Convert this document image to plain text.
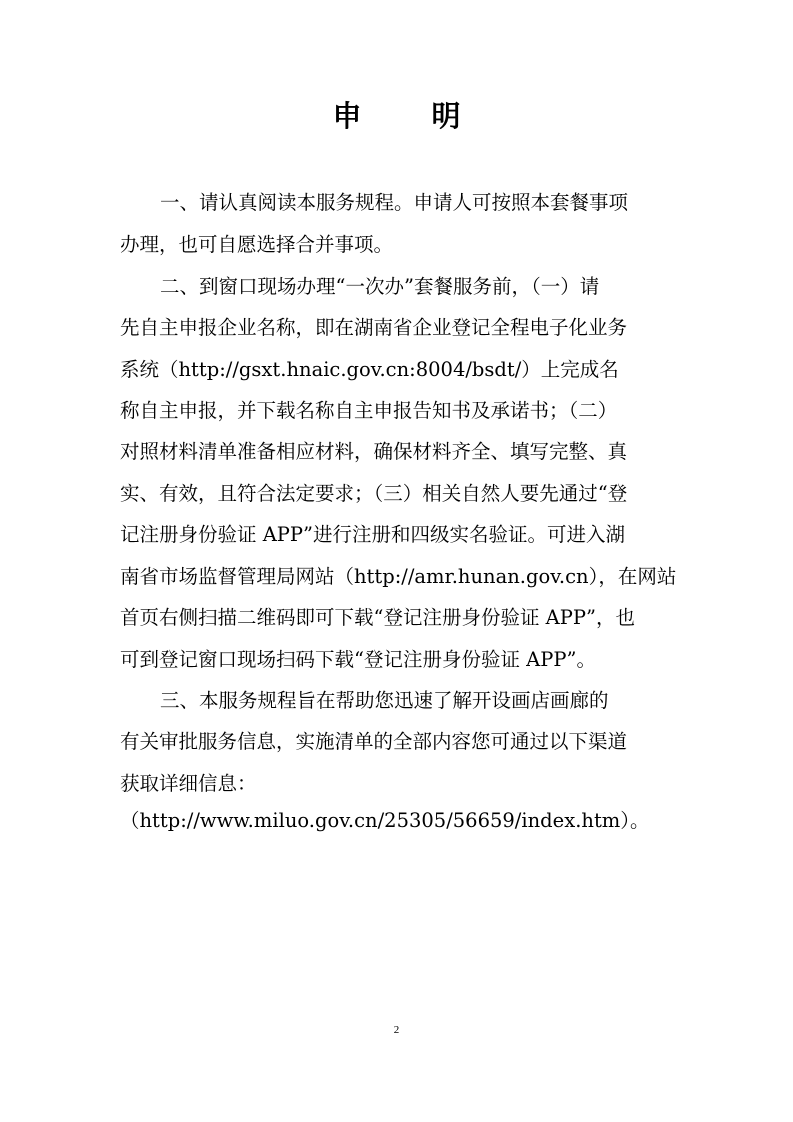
申 明
一、请认真阅读本服务规程。申请人可按照本套餐事项
办理，也可自愿选择合并事项。
二、到窗口现场办理“一次办”套餐服务前，（一）请
先自主申报企业名称，即在湖南省企业登记全程电子化业务
系统（http://gsxt.hnaic.gov.cn:8004/bsdt/）上完成名
称自主申报，并下载名称自主申报告知书及承诺书；（二）
对照材料清单准备相应材料，确保材料齐全、填写完整、真
实、有效，且符合法定要求；（三）相关自然人要先通过“登
记注册身份验证 APP”进行注册和四级实名验证。可进入湖
南省市场监督管理局网站（http://amr.hunan.gov.cn），在网站
首页右侧扫描二维码即可下载“登记注册身份验证 APP”，也
可到登记窗口现场扫码下载“登记注册身份验证 APP”。
三、本服务规程旨在帮助您迅速了解开设画店画廊的
有关审批服务信息，实施清单的全部内容您可通过以下渠道
获取详细信息：
（http://www.miluo.gov.cn/25305/56659/index.htm）。
2
